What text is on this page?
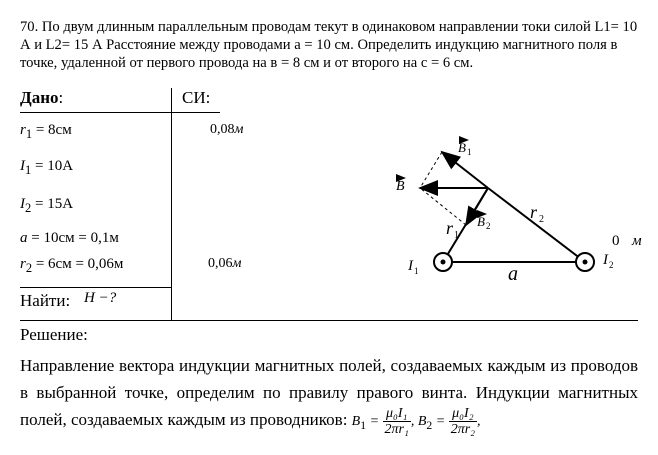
70. По двум длинным параллельным проводам текут в одинаковом направлении токи силой L1= 10 А и L2= 15 А Расстояние между проводами a = 10 см. Определить индукцию магнитного поля в точке, удаленной от первого провода на в = 8 см и от второго на с = 6 см.
Дано:	СИ:
$r_1 = 8см$
$I_1 = 10A$
$I_2 = 15A$
a = 10см = 0,1м
$r_2 = 6см = 0,06м$
0,08м
0,06м
Найти: H −?
Решение:
Направление вектора индукции магнитных полей, создаваемых каждым из проводов в выбранной точке, определим по правилу правого винта. Индукции магнитных полей, создаваемых каждым из проводников: $B_1 = \frac{\text{μ₀I₁}}{\text{2πr₁}}$ , $B_2 = \frac{\text{μ₀I₂}}{\text{2πr₂}}$ ,
B
B 1
B 2
r 1
r 2
I 1
I 2
a
0 м
